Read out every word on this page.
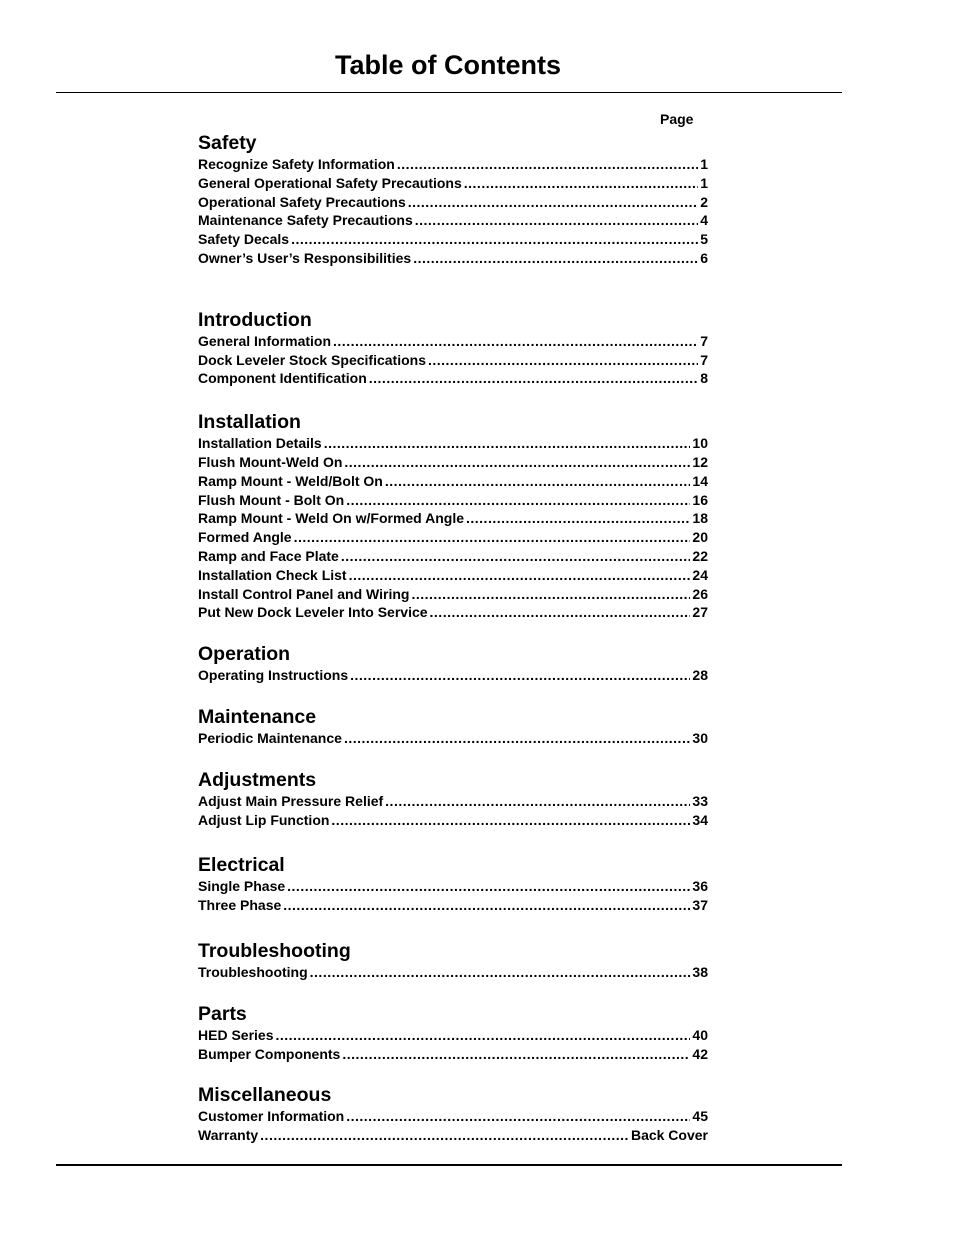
Table of Contents
Page
Safety
Recognize Safety Information .....	1
General Operational Safety Precautions .....	1
Operational Safety Precautions .....	2
Maintenance Safety Precautions .....	4
Safety Decals .....	5
Owner’s User’s Responsibilities .....	6
Introduction
General Information .....	7
Dock Leveler Stock Specifications .....	7
Component Identification .....	8
Installation
Installation Details .....	10
Flush Mount-Weld On .....	12
Ramp Mount - Weld/Bolt On .....	14
Flush Mount - Bolt On .....	16
Ramp Mount - Weld On w/Formed Angle .....	18
Formed Angle .....	20
Ramp and Face Plate .....	22
Installation Check List .....	24
Install Control Panel and Wiring .....	26
Put New Dock Leveler Into Service .....	27
Operation
Operating Instructions .....	28
Maintenance
Periodic Maintenance .....	30
Adjustments
Adjust Main Pressure Relief .....	33
Adjust Lip Function .....	34
Electrical
Single Phase .....	36
Three Phase .....	37
Troubleshooting
Troubleshooting .....	38
Parts
HED Series .....	40
Bumper Components .....	42
Miscellaneous
Customer Information .....	45
Warranty .....	Back Cover
